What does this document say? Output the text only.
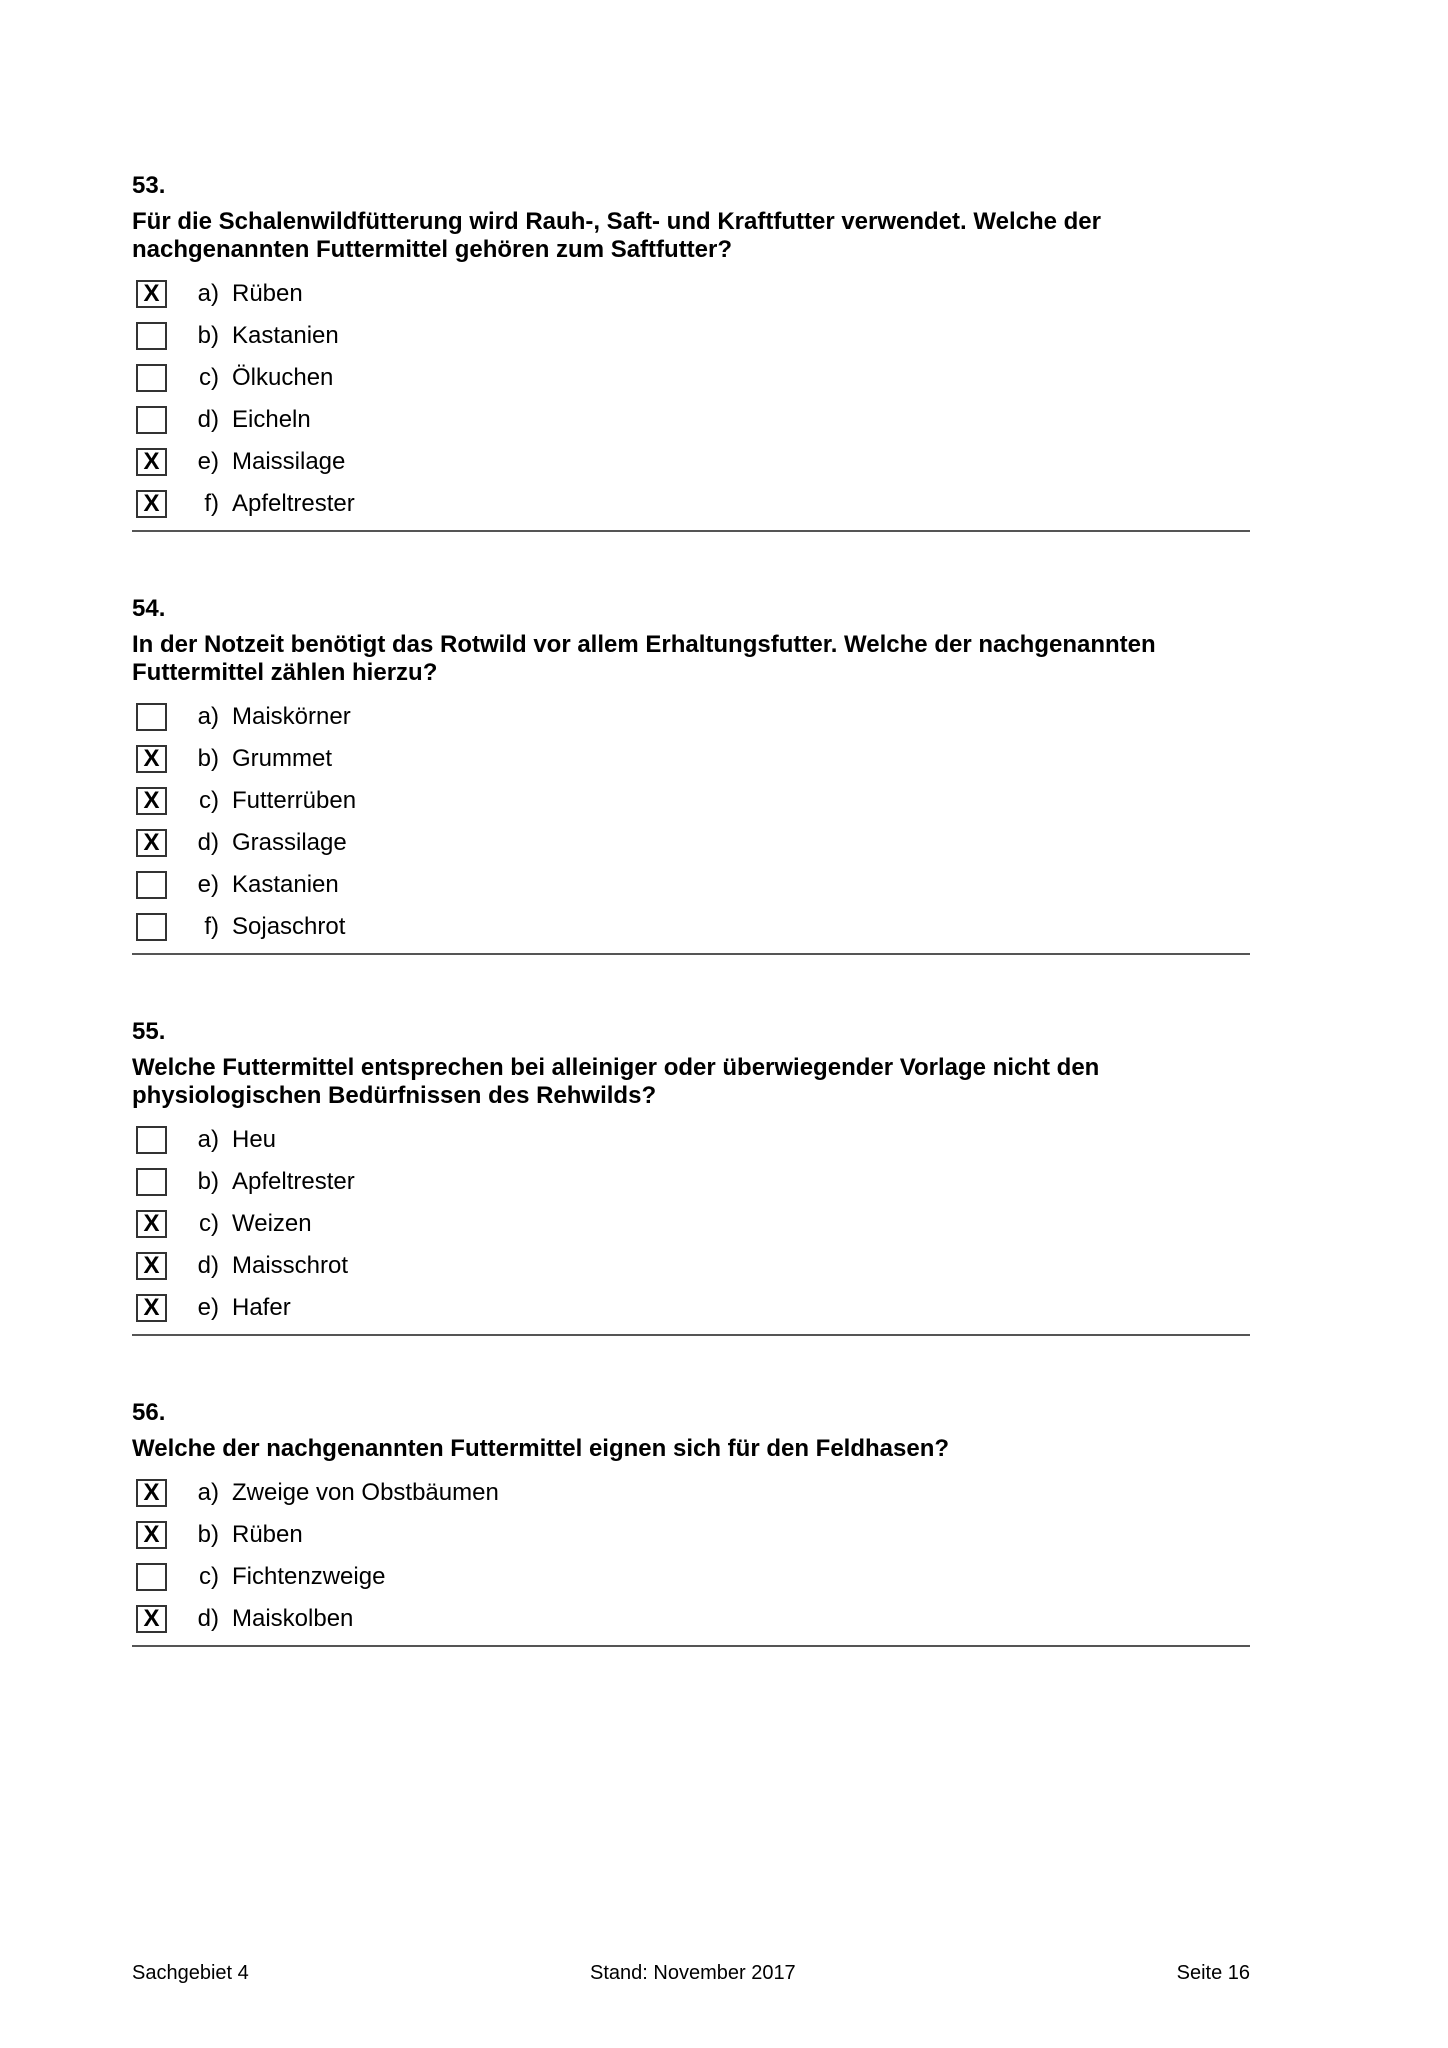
53.
Für die Schalenwildfütterung wird Rauh-, Saft- und Kraftfutter verwendet. Welche der nachgenannten Futtermittel gehören zum Saftfutter?
X	a) Rüben
b) Kastanien
c) Ölkuchen
d) Eicheln
X	e) Maissilage
X	f) Apfeltrester
54.
In der Notzeit benötigt das Rotwild vor allem Erhaltungsfutter. Welche der nachgenannten Futtermittel zählen hierzu?
a) Maiskörner
X	b) Grummet
X	c) Futterrüben
X	d) Grassilage
e) Kastanien
f) Sojaschrot
55.
Welche Futtermittel entsprechen bei alleiniger oder überwiegender Vorlage nicht den physiologischen Bedürfnissen des Rehwilds?
a) Heu
b) Apfeltrester
X	c) Weizen
X	d) Maisschrot
X	e) Hafer
56.
Welche der nachgenannten Futtermittel eignen sich für den Feldhasen?
X	a) Zweige von Obstbäumen
X	b) Rüben
c) Fichtenzweige
X	d) Maiskolben
Sachgebiet 4	Stand: November 2017	Seite 16
